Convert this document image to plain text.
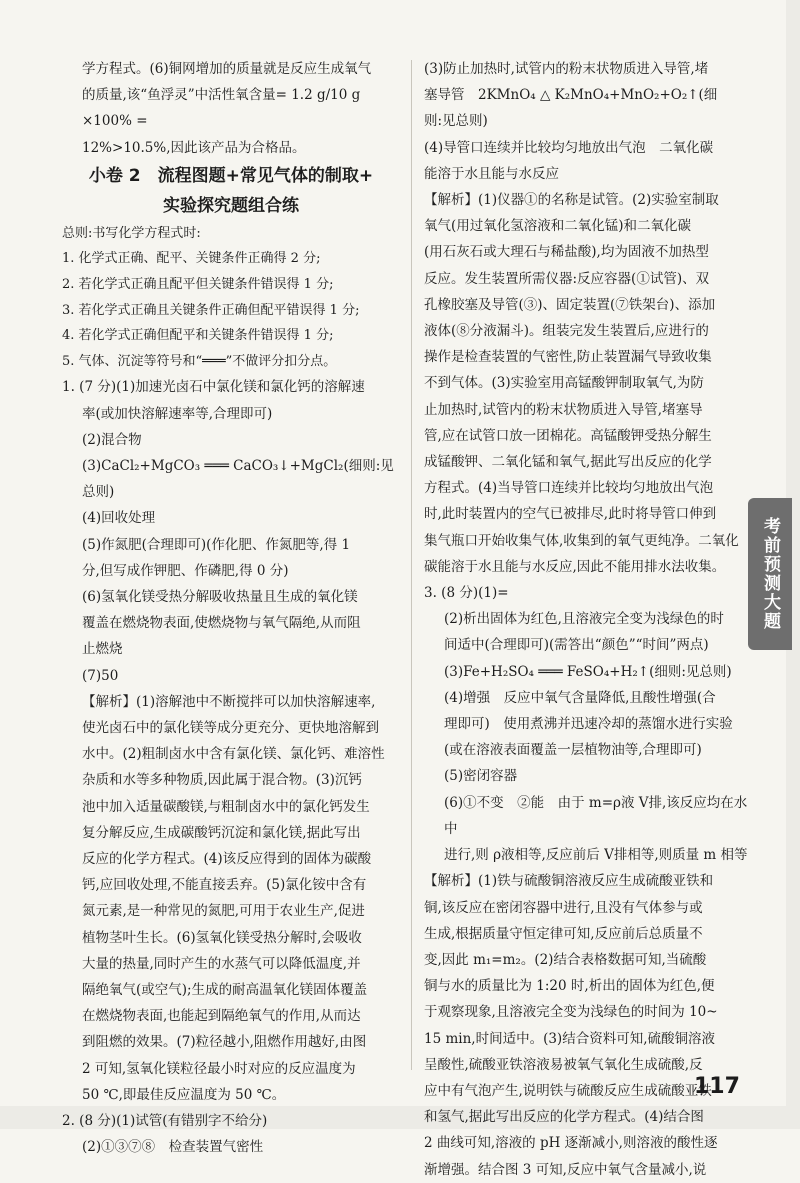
学方程式。(6)铜网增加的质量就是反应生成氧气

的质量,该“鱼浮灵”中活性氧含量= 1.2 g/10 g ×100% =

12%>10.5%,因此该产品为合格品。

小卷 2　流程图题+常见气体的制取+

实验探究题组合练

总则:书写化学方程式时:

1. 化学式正确、配平、关键条件正确得 2 分;

2. 若化学式正确且配平但关键条件错误得 1 分;

3. 若化学式正确且关键条件正确但配平错误得 1 分;

4. 若化学式正确但配平和关键条件错误得 1 分;

5. 气体、沉淀等符号和“═══”不做评分扣分点。

1. (7 分)(1)加速光卤石中氯化镁和氯化钙的溶解速

率(或加快溶解速率等,合理即可)

(2)混合物

(3)CaCl₂+MgCO₃ ═══ CaCO₃↓+MgCl₂(细则:见

总则)

(4)回收处理

(5)作氮肥(合理即可)(作化肥、作氮肥等,得 1

分,但写成作钾肥、作磷肥,得 0 分)

(6)氢氧化镁受热分解吸收热量且生成的氧化镁

覆盖在燃烧物表面,使燃烧物与氧气隔绝,从而阻

止燃烧

(7)50

【解析】(1)溶解池中不断搅拌可以加快溶解速率,

使光卤石中的氯化镁等成分更充分、更快地溶解到

水中。(2)粗制卤水中含有氯化镁、氯化钙、难溶性

杂质和水等多种物质,因此属于混合物。(3)沉钙

池中加入适量碳酸镁,与粗制卤水中的氯化钙发生

复分解反应,生成碳酸钙沉淀和氯化镁,据此写出

反应的化学方程式。(4)该反应得到的固体为碳酸

钙,应回收处理,不能直接丢弃。(5)氯化铵中含有

氮元素,是一种常见的氮肥,可用于农业生产,促进

植物茎叶生长。(6)氢氧化镁受热分解时,会吸收

大量的热量,同时产生的水蒸气可以降低温度,并

隔绝氧气(或空气);生成的耐高温氧化镁固体覆盖

在燃烧物表面,也能起到隔绝氧气的作用,从而达

到阻燃的效果。(7)粒径越小,阻燃作用越好,由图

2 可知,氢氧化镁粒径最小时对应的反应温度为

50 ℃,即最佳反应温度为 50 ℃。

2. (8 分)(1)试管(有错别字不给分)

(2)①③⑦⑧　检查装置气密性

(3)防止加热时,试管内的粉末状物质进入导管,堵

塞导管　2KMnO₄ △ K₂MnO₄+MnO₂+O₂↑(细

则:见总则)

(4)导管口连续并比较均匀地放出气泡　二氧化碳

能溶于水且能与水反应

【解析】(1)仪器①的名称是试管。(2)实验室制取

氧气(用过氧化氢溶液和二氧化锰)和二氧化碳

(用石灰石或大理石与稀盐酸),均为固液不加热型

反应。发生装置所需仪器:反应容器(①试管)、双

孔橡胶塞及导管(③)、固定装置(⑦铁架台)、添加

液体(⑧分液漏斗)。组装完发生装置后,应进行的

操作是检查装置的气密性,防止装置漏气导致收集

不到气体。(3)实验室用高锰酸钾制取氧气,为防

止加热时,试管内的粉末状物质进入导管,堵塞导

管,应在试管口放一团棉花。高锰酸钾受热分解生

成锰酸钾、二氧化锰和氧气,据此写出反应的化学

方程式。(4)当导管口连续并比较均匀地放出气泡

时,此时装置内的空气已被排尽,此时将导管口伸到

集气瓶口开始收集气体,收集到的氧气更纯净。二氧化

碳能溶于水且能与水反应,因此不能用排水法收集。

3. (8 分)(1)=

(2)析出固体为红色,且溶液完全变为浅绿色的时

间适中(合理即可)(需答出“颜色”“时间”两点)

(3)Fe+H₂SO₄ ═══ FeSO₄+H₂↑(细则:见总则)

(4)增强　反应中氧气含量降低,且酸性增强(合

理即可)　使用煮沸并迅速冷却的蒸馏水进行实验

(或在溶液表面覆盖一层植物油等,合理即可)

(5)密闭容器

(6)①不变　②能　由于 m=ρ液 V排,该反应均在水中

进行,则 ρ液相等,反应前后 V排相等,则质量 m 相等

【解析】(1)铁与硫酸铜溶液反应生成硫酸亚铁和

铜,该反应在密闭容器中进行,且没有气体参与或

生成,根据质量守恒定律可知,反应前后总质量不

变,因此 m₁=m₂。(2)结合表格数据可知,当硫酸

铜与水的质量比为 1:20 时,析出的固体为红色,便

于观察现象,且溶液完全变为浅绿色的时间为 10~

15 min,时间适中。(3)结合资料可知,硫酸铜溶液

呈酸性,硫酸亚铁溶液易被氧气氧化生成硫酸,反

应中有气泡产生,说明铁与硫酸反应生成硫酸亚铁

和氢气,据此写出反应的化学方程式。(4)结合图

2 曲线可知,溶液的 pH 逐渐减小,则溶液的酸性逐

渐增强。结合图 3 可知,反应中氧气含量减小,说

考前预测大题
117
